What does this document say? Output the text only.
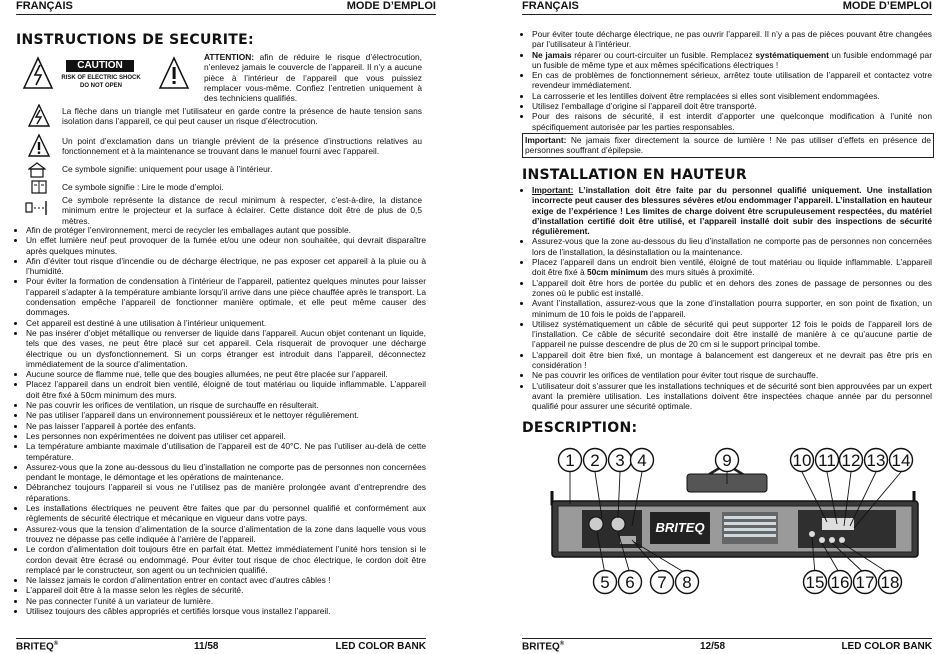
FRANÇAIS	MODE D’EMPLOI
INSTRUCTIONS DE SECURITE:
CAUTION
RISK OF ELECTRIC SHOCK
DO NOT OPEN

ATTENTION: afin de réduire le risque d’électrocution, n’enlevez jamais le couvercle de l’appareil. Il n’y a aucune pièce à l’intérieur de l’appareil que vous puissiez remplacer vous-même. Confiez l’entretien uniquement à des techniciens qualifiés.

La flèche dans un triangle met l’utilisateur en garde contre la présence de haute tension sans isolation dans l’appareil, ce qui peut causer un risque d’électrocution.

Un point d’exclamation dans un triangle prévient de la présence d’instructions relatives au fonctionnement et à la maintenance se trouvant dans le manuel fourni avec l’appareil.

Ce symbole signifie: uniquement pour usage à l’intérieur.

Ce symbole signifie : Lire le mode d’emploi.

Ce symbole représente la distance de recul minimum à respecter, c’est-à-dire, la distance minimum entre le projecteur et la surface à éclairer. Cette distance doit être de plus de 0,5 mètres.

• Afin de protéger l’environnement, merci de recycler les emballages autant que possible.
• Un effet lumière neuf peut provoquer de la fumée et/ou une odeur non souhaitée, qui devrait disparaître après quelques minutes.
• Afin d’éviter tout risque d’incendie ou de décharge électrique, ne pas exposer cet appareil à la pluie ou à l’humidité.
• Pour éviter la formation de condensation à l’intérieur de l’appareil, patientez quelques minutes pour laisser l’appareil s’adapter à la température ambiante lorsqu’il arrive dans une pièce chauffée après le transport. La condensation empêche l’appareil de fonctionner manière optimale, et elle peut même causer des dommages.
• Cet appareil est destiné à une utilisation à l’intérieur uniquement.
• Ne pas insérer d’objet métallique ou renverser de liquide dans l’appareil. Aucun objet contenant un liquide, tels que des vases, ne peut être placé sur cet appareil. Cela risquerait de provoquer une décharge électrique ou un dysfonctionnement. Si un corps étranger est introduit dans l’appareil, déconnectez immédiatement de la source d’alimentation.
• Aucune source de flamme nue, telle que des bougies allumées, ne peut être placée sur l’appareil.
• Placez l’appareil dans un endroit bien ventilé, éloigné de tout matériau ou liquide inflammable. L’appareil doit être fixé à 50cm minimum des murs.
• Ne pas couvrir les orifices de ventilation, un risque de surchauffe en résulterait.
• Ne pas utiliser l’appareil dans un environnement poussiéreux et le nettoyer régulièrement.
• Ne pas laisser l’appareil à portée des enfants.
• Les personnes non expérimentées ne doivent pas utiliser cet appareil.
• La température ambiante maximale d’utilisation de l’appareil est de 40°C. Ne pas l’utiliser au-delà de cette température.
• Assurez-vous que la zone au-dessous du lieu d’installation ne comporte pas de personnes non concernées pendant le montage, le démontage et les opérations de maintenance.
• Débranchez toujours l’appareil si vous ne l’utilisez pas de manière prolongée avant d’entreprendre des réparations.
• Les installations électriques ne peuvent être faites que par du personnel qualifié et conformément aux règlements de sécurité électrique et mécanique en vigueur dans votre pays.
• Assurez-vous que la tension d’alimentation de la source d’alimentation de la zone dans laquelle vous vous trouvez ne dépasse pas celle indiquée à l’arrière de l’appareil.
• Le cordon d’alimentation doit toujours être en parfait état. Mettez immédiatement l’unité hors tension si le cordon devait être écrasé ou endommagé. Pour éviter tout risque de choc électrique, le cordon doit être remplacé par le constructeur, son agent ou un technicien qualifié.
• Ne laissez jamais le cordon d’alimentation entrer en contact avec d’autres câbles !
• L’appareil doit être à la masse selon les règles de sécurité.
• Ne pas connecter l’unité à un variateur de lumière.
• Utilisez toujours des câbles appropriés et certifiés lorsque vous installez l’appareil.
BRITEQ®	11/58	LED COLOR BANK
FRANÇAIS	MODE D’EMPLOI
• Pour éviter toute décharge électrique, ne pas ouvrir l’appareil. Il n’y a pas de pièces pouvant être changées par l’utilisateur à l’intérieur.
• Ne jamais réparer ou court-circuiter un fusible. Remplacez systématiquement un fusible endommagé par un fusible de même type et aux mêmes spécifications électriques !
• En cas de problèmes de fonctionnement sérieux, arrêtez toute utilisation de l’appareil et contactez votre revendeur immédiatement.
• La carrosserie et les lentilles doivent être remplacées si elles sont visiblement endommagées.
• Utilisez l’emballage d’origine si l’appareil doit être transporté.
• Pour des raisons de sécurité, il est interdit d’apporter une quelconque modification à l’unité non spécifiquement autorisée par les parties responsables.
Important: Ne jamais fixer directement la source de lumière ! Ne pas utiliser d’effets en présence de personnes souffrant d’épilepsie.
INSTALLATION EN HAUTEUR
• Important: L’installation doit être faite par du personnel qualifié uniquement. Une installation incorrecte peut causer des blessures sévères et/ou endommager l’appareil. L’installation en hauteur exige de l’expérience ! Les limites de charge doivent être scrupuleusement respectées, du matériel d’installation certifié doit être utilisé, et l’appareil installé doit subir des inspections de sécurité régulièrement.
• Assurez-vous que la zone au-dessous du lieu d’installation ne comporte pas de personnes non concernées lors de l’installation, la désinstallation ou la maintenance.
• Placez l’appareil dans un endroit bien ventilé, éloigné de tout matériau ou liquide inflammable. L’appareil doit être fixé à 50cm minimum des murs situés à proximité.
• L’appareil doit être hors de portée du public et en dehors des zones de passage de personnes ou des zones où le public est installé.
• Avant l’installation, assurez-vous que la zone d’installation pourra supporter, en son point de fixation, un minimum de 10 fois le poids de l’appareil.
• Utilisez systématiquement un câble de sécurité qui peut supporter 12 fois le poids de l’appareil lors de l’installation. Ce câble de sécurité secondaire doit être installé de manière à ce qu’aucune partie de l’appareil ne puisse descendre de plus de 20 cm si le support principal tombe.
• L’appareil doit être bien fixé, un montage à balancement est dangereux et ne devrait pas être pris en considération !
• Ne pas couvrir les orifices de ventilation pour éviter tout risque de surchauffe.
• L’utilisateur doit s’assurer que les installations techniques et de sécurité sont bien approuvées par un expert avant la première utilisation. Les installations doivent être inspectées chaque année par du personnel qualifié pour assurer une sécurité optimale.
DESCRIPTION:
BRITEQ
1 2 3 4
5 6 7 8
9	10 11 12 13 14
15 16 17 18
BRITEQ®	12/58	LED COLOR BANK
